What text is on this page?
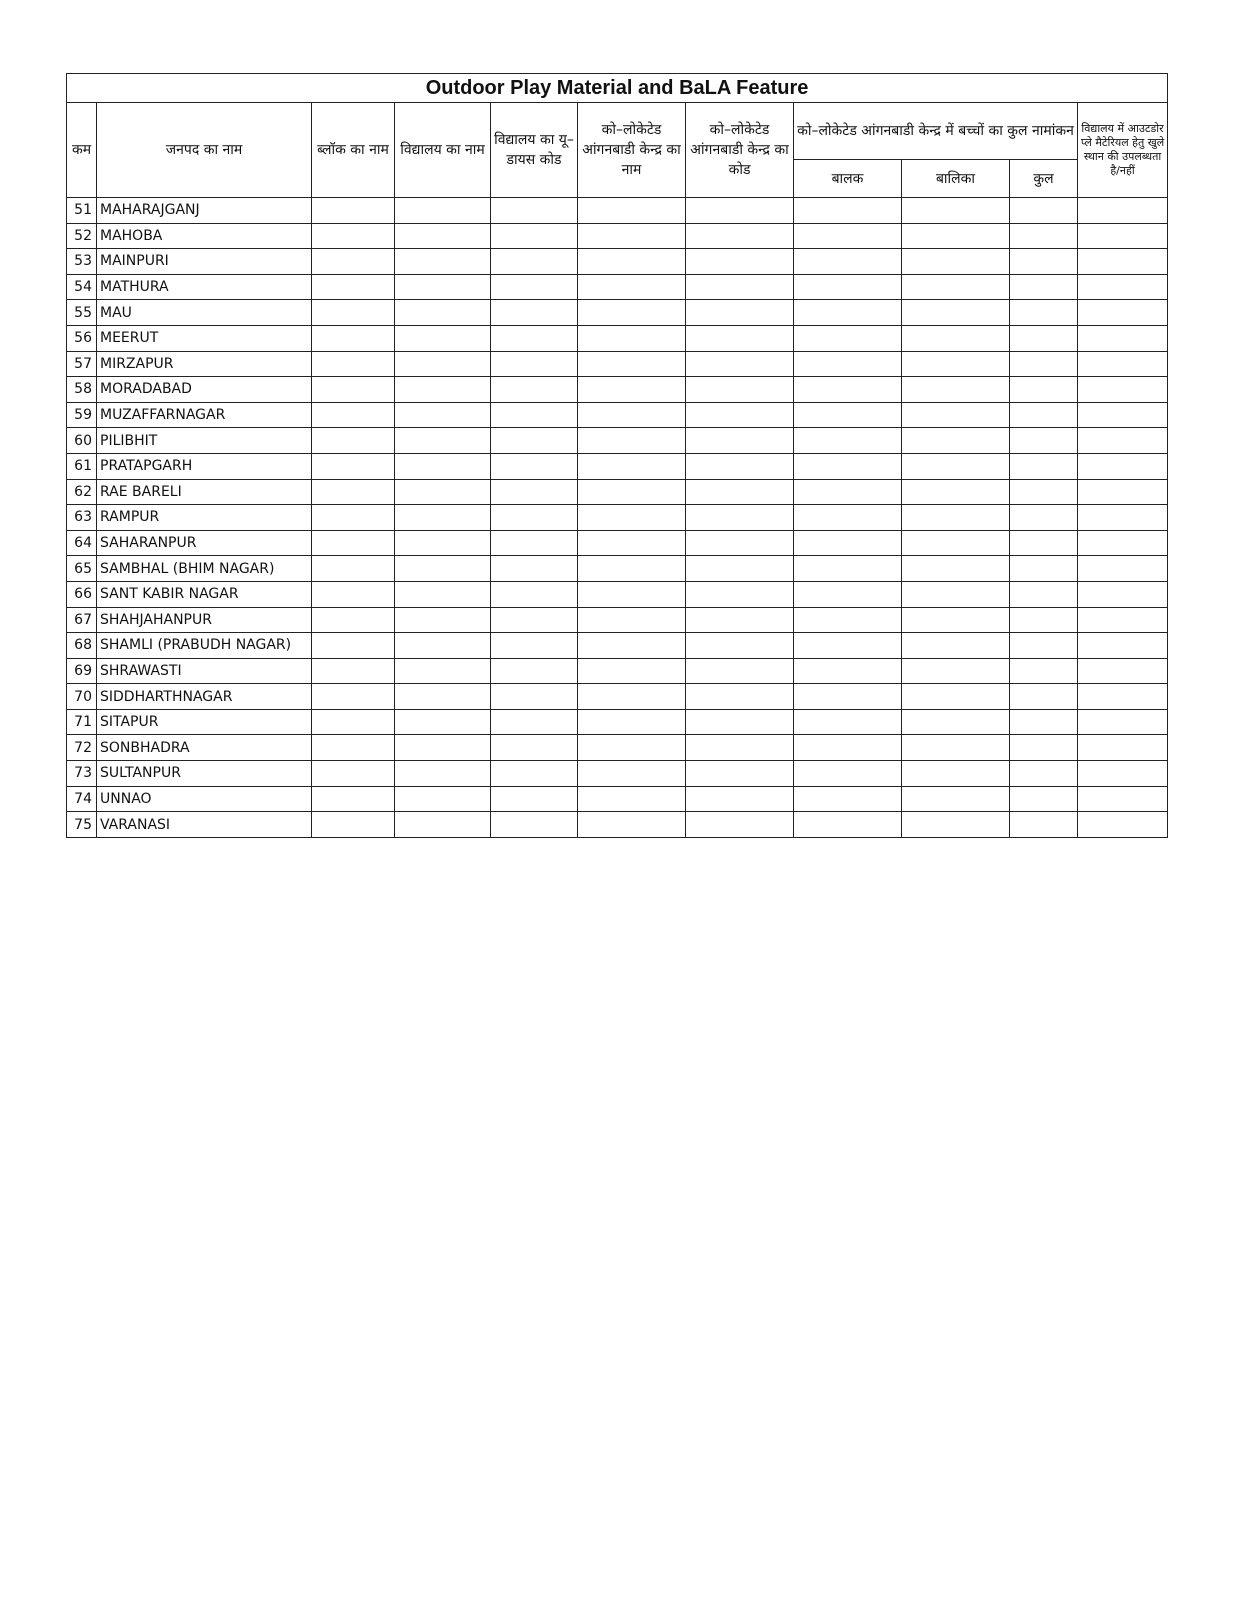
Outdoor Play Material and BaLA Feature										
कम	जनपद का नाम	ब्लॉक का नाम	विद्यालय का नाम	विद्यालय का यू–डायस कोड	को–लोकेटेड आंगनबाडी केन्द्र का नाम	को–लोकेटेड आंगनबाडी केन्द्र का कोड	को–लोकेटेड आंगनबाडी केन्द्र में बच्चों का कुल नामांकन			विद्यालय में आउटडोर प्ले मैटेरियल हेतु खुले स्थान की उपलब्धता है/नहीं
							बालक	बालिका	कुल	
51	MAHARAJGANJ									
52	MAHOBA									
53	MAINPURI									
54	MATHURA									
55	MAU									
56	MEERUT									
57	MIRZAPUR									
58	MORADABAD									
59	MUZAFFARNAGAR									
60	PILIBHIT									
61	PRATAPGARH									
62	RAE BARELI									
63	RAMPUR									
64	SAHARANPUR									
65	SAMBHAL (BHIM NAGAR)									
66	SANT KABIR NAGAR									
67	SHAHJAHANPUR									
68	SHAMLI (PRABUDH NAGAR)									
69	SHRAWASTI									
70	SIDDHARTHNAGAR									
71	SITAPUR									
72	SONBHADRA									
73	SULTANPUR									
74	UNNAO									
75	VARANASI									
